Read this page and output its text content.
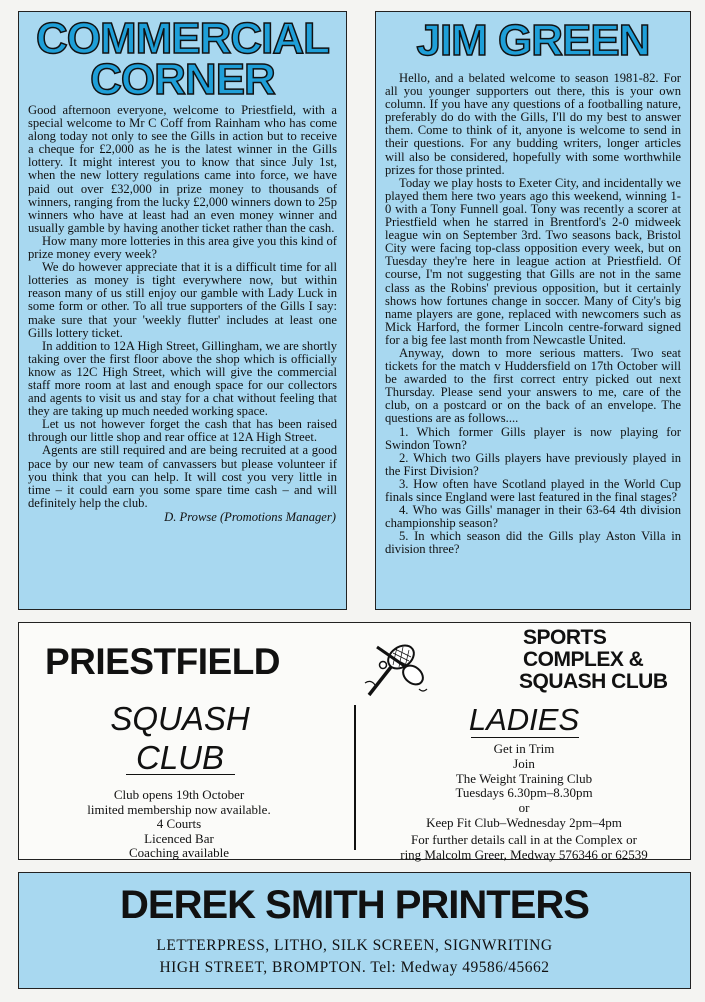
COMMERCIAL
CORNER

Good afternoon everyone, welcome to Priestfield, with a special welcome to Mr C Coff from Rainham who has come along today not only to see the Gills in action but to receive a cheque for £2,000 as he is the latest winner in the Gills lottery. It might interest you to know that since July 1st, when the new lottery regulations came into force, we have paid out over £32,000 in prize money to thousands of winners, ranging from the lucky £2,000 winners down to 25p winners who have at least had an even money winner and usually gamble by having another ticket rather than the cash.

How many more lotteries in this area give you this kind of prize money every week?

We do however appreciate that it is a difficult time for all lotteries as money is tight everywhere now, but within reason many of us still enjoy our gamble with Lady Luck in some form or other. To all true supporters of the Gills I say: make sure that your 'weekly flutter' includes at least one Gills lottery ticket.

In addition to 12A High Street, Gillingham, we are shortly taking over the first floor above the shop which is officially know as 12C High Street, which will give the commercial staff more room at last and enough space for our collectors and agents to visit us and stay for a chat without feeling that they are taking up much needed working space.

Let us not however forget the cash that has been raised through our little shop and rear office at 12A High Street.

Agents are still required and are being recruited at a good pace by our new team of canvassers but please volunteer if you think that you can help. It will cost you very little in time – it could earn you some spare time cash – and will definitely help the club.

D. Prowse (Promotions Manager)
JIM GREEN

Hello, and a belated welcome to season 1981-82. For all you younger supporters out there, this is your own column. If you have any questions of a footballing nature, preferably do do with the Gills, I'll do my best to answer them. Come to think of it, anyone is welcome to send in their questions. For any budding writers, longer articles will also be considered, hopefully with some worthwhile prizes for those printed.

Today we play hosts to Exeter City, and incidentally we played them here two years ago this weekend, winning 1-0 with a Tony Funnell goal. Tony was recently a scorer at Priestfield when he starred in Brentford's 2-0 midweek league win on September 3rd. Two seasons back, Bristol City were facing top-class opposition every week, but on Tuesday they're here in league action at Priestfield. Of course, I'm not suggesting that Gills are not in the same class as the Robins' previous opposition, but it certainly shows how fortunes change in soccer. Many of City's big name players are gone, replaced with newcomers such as Mick Harford, the former Lincoln centre-forward signed for a big fee last month from Newcastle United.

Anyway, down to more serious matters. Two seat tickets for the match v Huddersfield on 17th October will be awarded to the first correct entry picked out next Thursday. Please send your answers to me, care of the club, on a postcard or on the back of an envelope. The questions are as follows....

1. Which former Gills player is now playing for Swindon Town?

2. Which two Gills players have previously played in the First Division?

3. How often have Scotland played in the World Cup finals since England were last featured in the final stages?

4. Who was Gills' manager in their 63-64 4th division championship season?

5. In which season did the Gills play Aston Villa in division three?

PRIESTFIELD
SQUASH
CLUB
Club opens 19th October
limited membership now available.
4 Courts
Licenced Bar
Coaching available
SPORTS
COMPLEX &
SQUASH CLUB
LADIES
Get in Trim
Join
The Weight Training Club
Tuesdays 6.30pm–8.30pm
or
Keep Fit Club–Wednesday 2pm–4pm
For further details call in at the Complex or
ring Malcolm Greer, Medway 576346 or 62539
DEREK SMITH PRINTERS
LETTERPRESS, LITHO, SILK SCREEN, SIGNWRITING
HIGH STREET, BROMPTON. Tel: Medway 49586/45662
